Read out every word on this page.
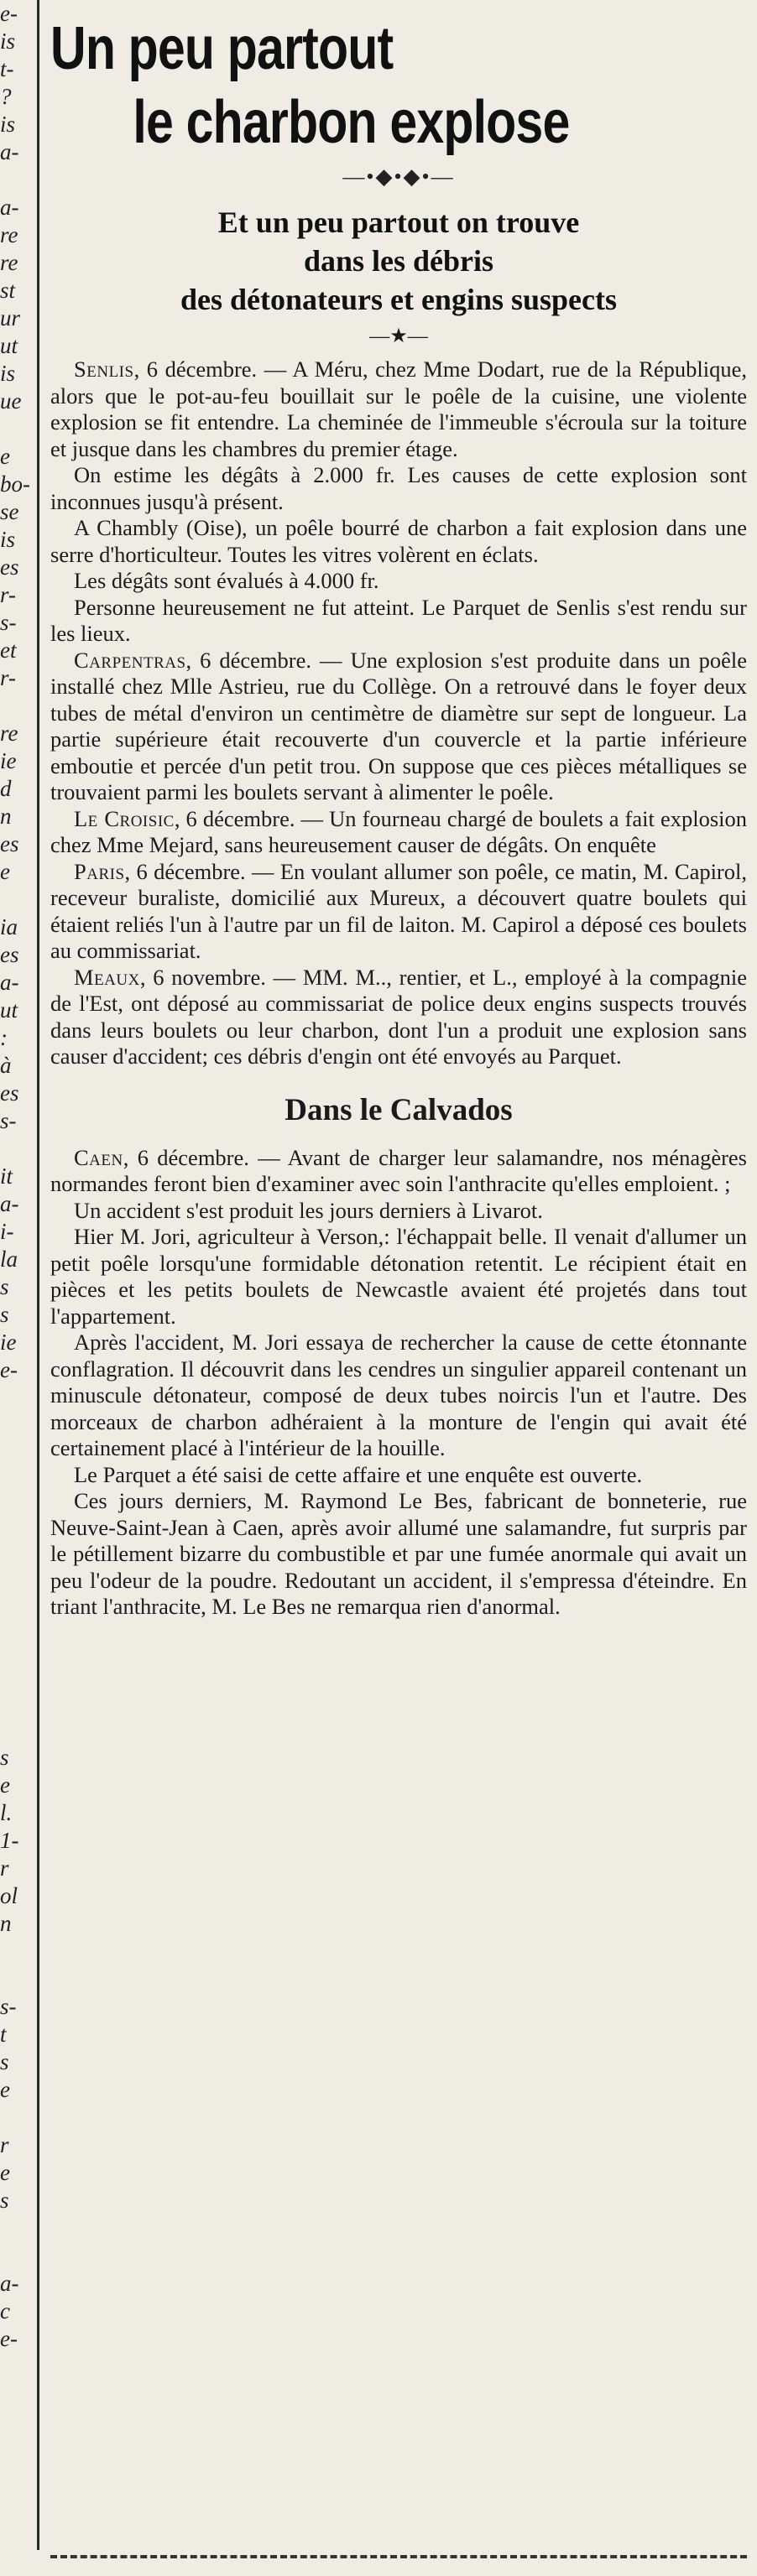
e-
is
t-
?
is
a-

a-
re
re
st
ur
ut
is
ue

e
bo-
se
is
es
r-
s-
et
r-

re
ie
d
n
es
e

ia
es
a-
ut
:
à
es
s-

it
a-
i-
la
s
s
ie
e-

s
e
l.
1-
r
ol
n

s-
t
s
e

r
e
s

a-
c
e-
Un peu partout
le charbon explose
—•◆•◆•—
Et un peu partout on trouve
dans les débris
des détonateurs et engins suspects
—★—

Senlis, 6 décembre. — A Méru, chez Mme Dodart, rue de la République, alors que le pot-au-feu bouillait sur le poêle de la cuisine, une violente explosion se fit entendre. La cheminée de l'immeuble s'écroula sur la toiture et jusque dans les chambres du premier étage.

On estime les dégâts à 2.000 fr. Les causes de cette explosion sont inconnues jusqu'à présent.

A Chambly (Oise), un poêle bourré de charbon a fait explosion dans une serre d'horticulteur. Toutes les vitres volèrent en éclats.

Les dégâts sont évalués à 4.000 fr.

Personne heureusement ne fut atteint. Le Parquet de Senlis s'est rendu sur les lieux.

Carpentras, 6 décembre. — Une explosion s'est produite dans un poêle installé chez Mlle Astrieu, rue du Collège. On a retrouvé dans le foyer deux tubes de métal d'environ un centimètre de diamètre sur sept de longueur. La partie supérieure était recouverte d'un couvercle et la partie inférieure emboutie et percée d'un petit trou. On suppose que ces pièces métalliques se trouvaient parmi les boulets servant à alimenter le poêle.

Le Croisic, 6 décembre. — Un fourneau chargé de boulets a fait explosion chez Mme Mejard, sans heureusement causer de dégâts. On enquête

Paris, 6 décembre. — En voulant allumer son poêle, ce matin, M. Capirol, receveur buraliste, domicilié aux Mureux, a découvert quatre boulets qui étaient reliés l'un à l'autre par un fil de laiton. M. Capirol a déposé ces boulets au commissariat.

Meaux, 6 novembre. — MM. M.., rentier, et L., employé à la compagnie de l'Est, ont déposé au commissariat de police deux engins suspects trouvés dans leurs boulets ou leur charbon, dont l'un a produit une explosion sans causer d'accident; ces débris d'engin ont été envoyés au Parquet.

Dans le Calvados

Caen, 6 décembre. — Avant de charger leur salamandre, nos ménagères normandes feront bien d'examiner avec soin l'anthracite qu'elles emploient. ;

Un accident s'est produit les jours derniers à Livarot.

Hier M. Jori, agriculteur à Verson,: l'échappait belle. Il venait d'allumer un petit poêle lorsqu'une formidable détonation retentit. Le récipient était en pièces et les petits boulets de Newcastle avaient été projetés dans tout l'appartement.

Après l'accident, M. Jori essaya de rechercher la cause de cette étonnante conflagration. Il découvrit dans les cendres un singulier appareil contenant un minuscule détonateur, composé de deux tubes noircis l'un et l'autre. Des morceaux de charbon adhéraient à la monture de l'engin qui avait été certainement placé à l'intérieur de la houille.

Le Parquet a été saisi de cette affaire et une enquête est ouverte.

Ces jours derniers, M. Raymond Le Bes, fabricant de bonneterie, rue Neuve-Saint-Jean à Caen, après avoir allumé une salamandre, fut surpris par le pétillement bizarre du combustible et par une fumée anormale qui avait un peu l'odeur de la poudre. Redoutant un accident, il s'empressa d'éteindre. En triant l'anthracite, M. Le Bes ne remarqua rien d'anormal.
